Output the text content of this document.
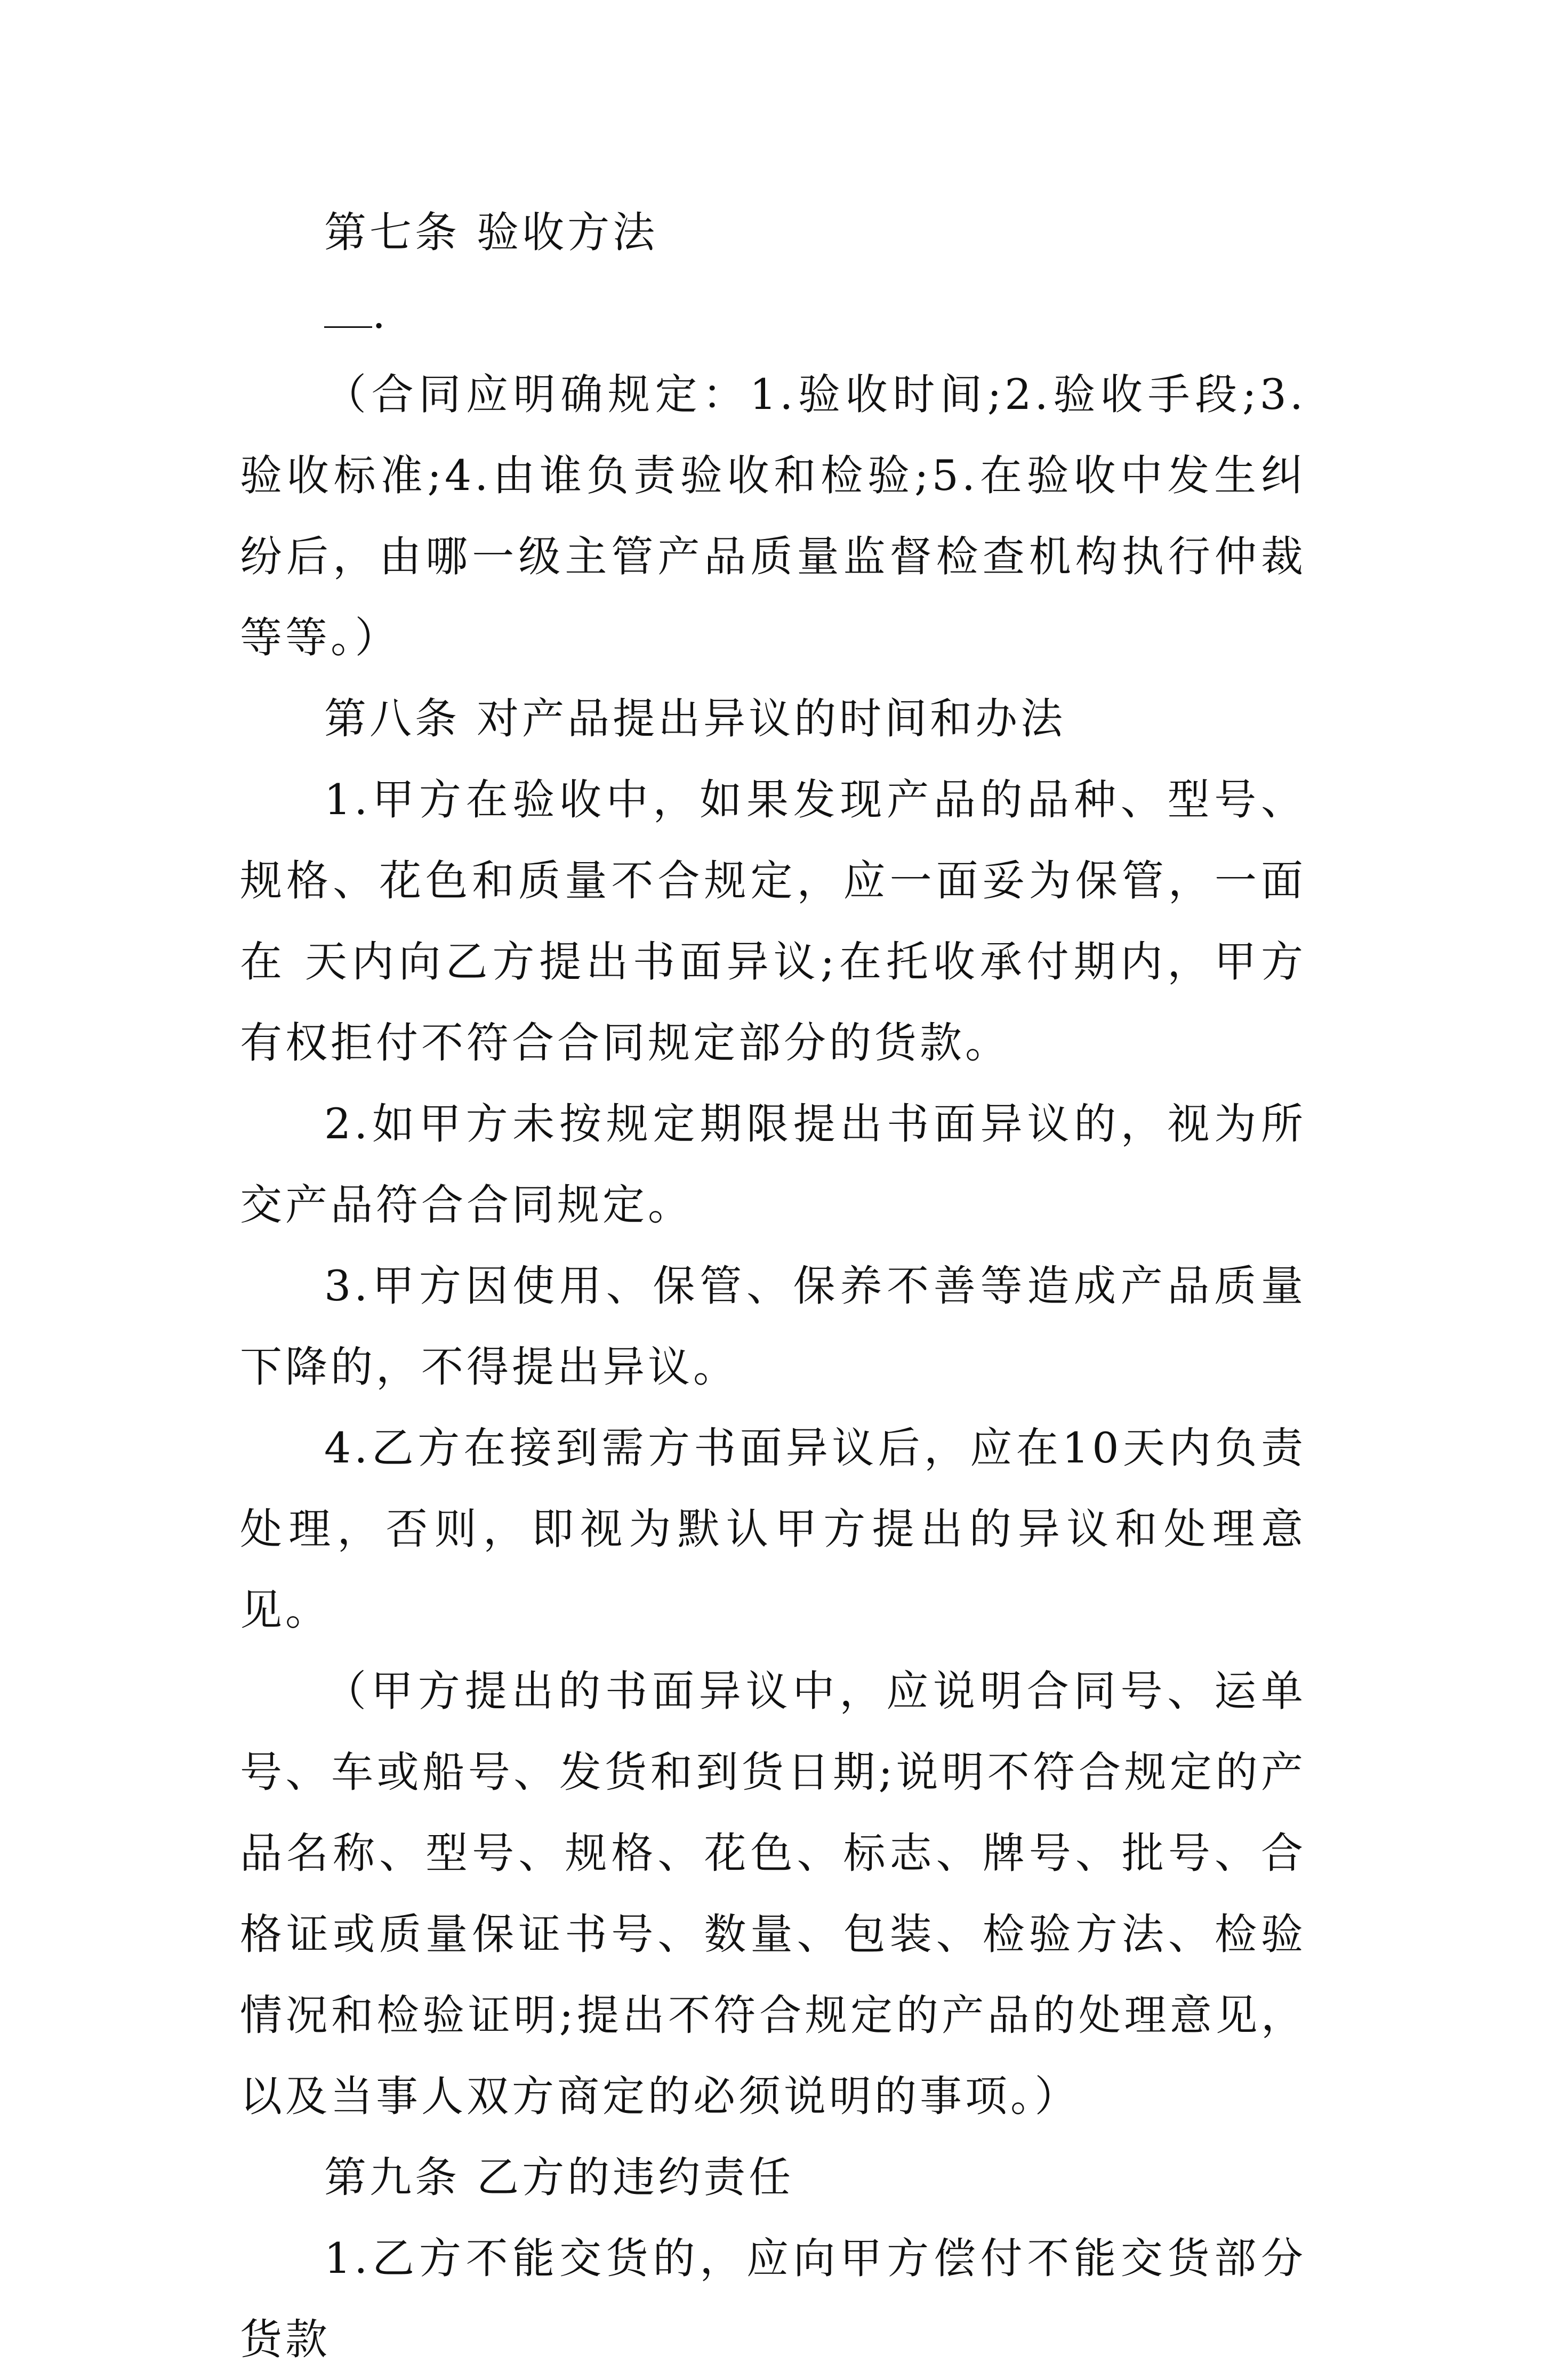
第七条 验收方法

.

（合同应明确规定：1.验收时间;2.验收手段;3.验收标准;4.由谁负责验收和检验;5.在验收中发生纠纷后，由哪一级主管产品质量监督检查机构执行仲裁等等。）

第八条 对产品提出异议的时间和办法

1.甲方在验收中，如果发现产品的品种、型号、规格、花色和质量不合规定，应一面妥为保管，一面在 天内向乙方提出书面异议;在托收承付期内，甲方有权拒付不符合合同规定部分的货款。

2.如甲方未按规定期限提出书面异议的，视为所交产品符合合同规定。

3.甲方因使用、保管、保养不善等造成产品质量下降的，不得提出异议。

4.乙方在接到需方书面异议后，应在10天内负责处理，否则，即视为默认甲方提出的异议和处理意见。

（甲方提出的书面异议中，应说明合同号、运单号、车或船号、发货和到货日期;说明不符合规定的产品名称、型号、规格、花色、标志、牌号、批号、合格证或质量保证书号、数量、包装、检验方法、检验情况和检验证明;提出不符合规定的产品的处理意见，以及当事人双方商定的必须说明的事项。）

第九条 乙方的违约责任

1.乙方不能交货的，应向甲方偿付不能交货部分货款
